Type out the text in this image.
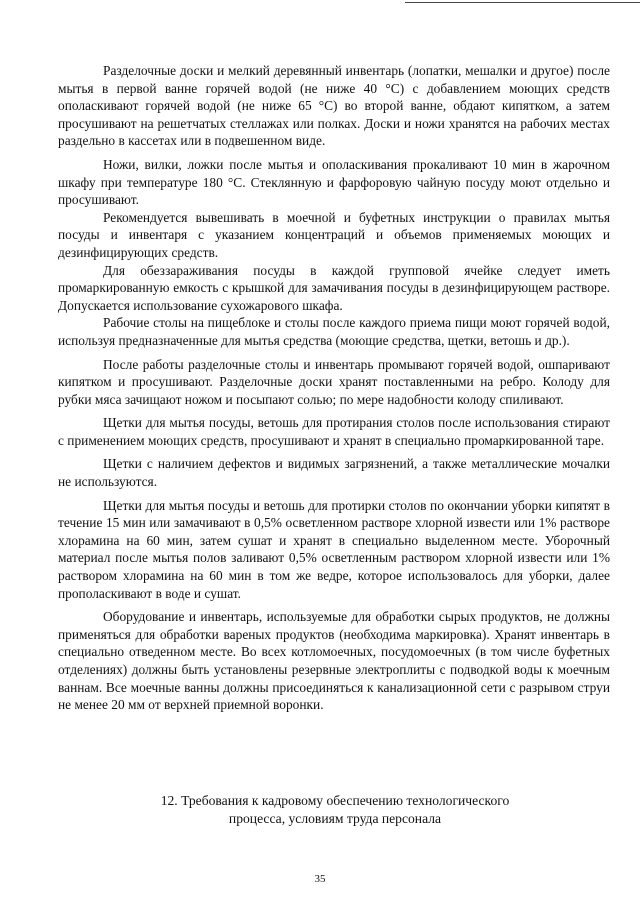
Разделочные доски и мелкий деревянный инвентарь (лопатки, мешалки и другое) после мытья в первой ванне горячей водой (не ниже 40 °С) с добавлением моющих средств ополаскивают горячей водой (не ниже 65 °С) во второй ванне, обдают кипятком, а затем просушивают на решетчатых стеллажах или полках. Доски и ножи хранятся на рабочих местах раздельно в кассетах или в подвешенном виде.

Ножи, вилки, ложки после мытья и ополаскивания прокаливают 10 мин в жарочном шкафу при температуре 180 °С. Стеклянную и фарфоровую чайную посуду моют отдельно и просушивают.

Рекомендуется вывешивать в моечной и буфетных инструкции о правилах мытья посуды и инвентаря с указанием концентраций и объемов применяемых моющих и дезинфицирующих средств.

Для обеззараживания посуды в каждой групповой ячейке следует иметь промаркированную емкость с крышкой для замачивания посуды в дезинфицирующем растворе. Допускается использование сухожарового шкафа.

Рабочие столы на пищеблоке и столы после каждого приема пищи моют горячей водой, используя предназначенные для мытья средства (моющие средства, щетки, ветошь и др.).

После работы разделочные столы и инвентарь промывают горячей водой, ошпаривают кипятком и просушивают. Разделочные доски хранят поставленными на ребро. Колоду для рубки мяса зачищают ножом и посыпают солью; по мере надобности колоду спиливают.

Щетки для мытья посуды, ветошь для протирания столов после использования стирают с применением моющих средств, просушивают и хранят в специально промаркированной таре.

Щетки с наличием дефектов и видимых загрязнений, а также металлические мочалки не используются.

Щетки для мытья посуды и ветошь для протирки столов по окончании уборки кипятят в течение 15 мин или замачивают в 0,5% осветленном растворе хлорной извести или 1% растворе хлорамина на 60 мин, затем сушат и хранят в специально выделенном месте. Уборочный материал после мытья полов заливают 0,5% осветленным раствором хлорной извести или 1% раствором хлорамина на 60 мин в том же ведре, которое использовалось для уборки, далее прополаскивают в воде и сушат.

Оборудование и инвентарь, используемые для обработки сырых продуктов, не должны применяться для обработки вареных продуктов (необходима маркировка). Хранят инвентарь в специально отведенном месте. Во всех котломоечных, посудомоечных (в том числе буфетных отделениях) должны быть установлены резервные электроплиты с подводкой воды к моечным ваннам. Все моечные ванны должны присоединяться к канализационной сети с разрывом струи не менее 20 мм от верхней приемной воронки.

12. Требования к кадровому обеспечению технологического
процесса, условиям труда персонала
35
